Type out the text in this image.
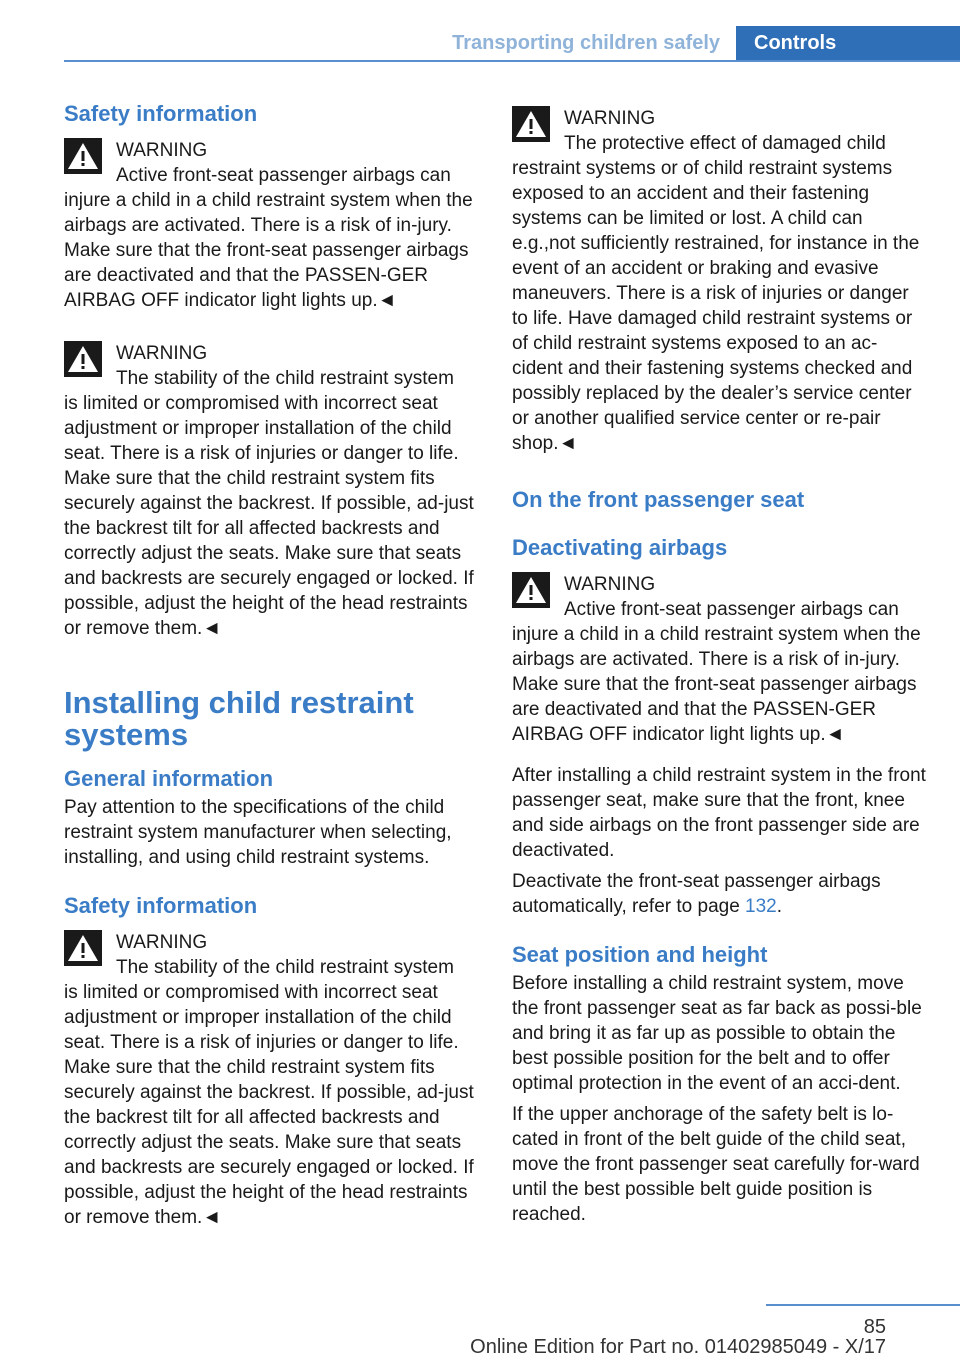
Transporting children safely	Controls
Safety information
WARNING
Active front-seat passenger airbags can
injure a child in a child restraint system when the airbags are activated. There is a risk of in-jury. Make sure that the front-seat passenger airbags are deactivated and that the PASSEN-GER AIRBAG OFF indicator light lights up.◄
WARNING
The stability of the child restraint system
is limited or compromised with incorrect seat adjustment or improper installation of the child seat. There is a risk of injuries or danger to life. Make sure that the child restraint system fits securely against the backrest. If possible, ad-just the backrest tilt for all affected backrests and correctly adjust the seats. Make sure that seats and backrests are securely engaged or locked. If possible, adjust the height of the head restraints or remove them.◄
Installing child restraint systems
General information
Pay attention to the specifications of the child restraint system manufacturer when selecting, installing, and using child restraint systems.
Safety information
WARNING
The stability of the child restraint system
is limited or compromised with incorrect seat adjustment or improper installation of the child seat. There is a risk of injuries or danger to life. Make sure that the child restraint system fits securely against the backrest. If possible, ad-just the backrest tilt for all affected backrests and correctly adjust the seats. Make sure that seats and backrests are securely engaged or locked. If possible, adjust the height of the head restraints or remove them.◄
WARNING
The protective effect of damaged child
restraint systems or of child restraint systems exposed to an accident and their fastening systems can be limited or lost. A child can e.g.,not sufficiently restrained, for instance in the event of an accident or braking and evasive maneuvers. There is a risk of injuries or danger to life. Have damaged child restraint systems or of child restraint systems exposed to an ac-cident and their fastening systems checked and possibly replaced by the dealer’s service center or another qualified service center or re-pair shop.◄
On the front passenger seat
Deactivating airbags
WARNING
Active front-seat passenger airbags can
injure a child in a child restraint system when the airbags are activated. There is a risk of in-jury. Make sure that the front-seat passenger airbags are deactivated and that the PASSEN-GER AIRBAG OFF indicator light lights up.◄
After installing a child restraint system in the front passenger seat, make sure that the front, knee and side airbags on the front passenger side are deactivated.
Deactivate the front-seat passenger airbags automatically, refer to page 132.
Seat position and height
Before installing a child restraint system, move the front passenger seat as far back as possi-ble and bring it as far up as possible to obtain the best possible position for the belt and to offer optimal protection in the event of an acci-dent.
If the upper anchorage of the safety belt is lo-cated in front of the belt guide of the child seat, move the front passenger seat carefully for-ward until the best possible belt guide position is reached.
85
Online Edition for Part no. 01402985049 - X/17
